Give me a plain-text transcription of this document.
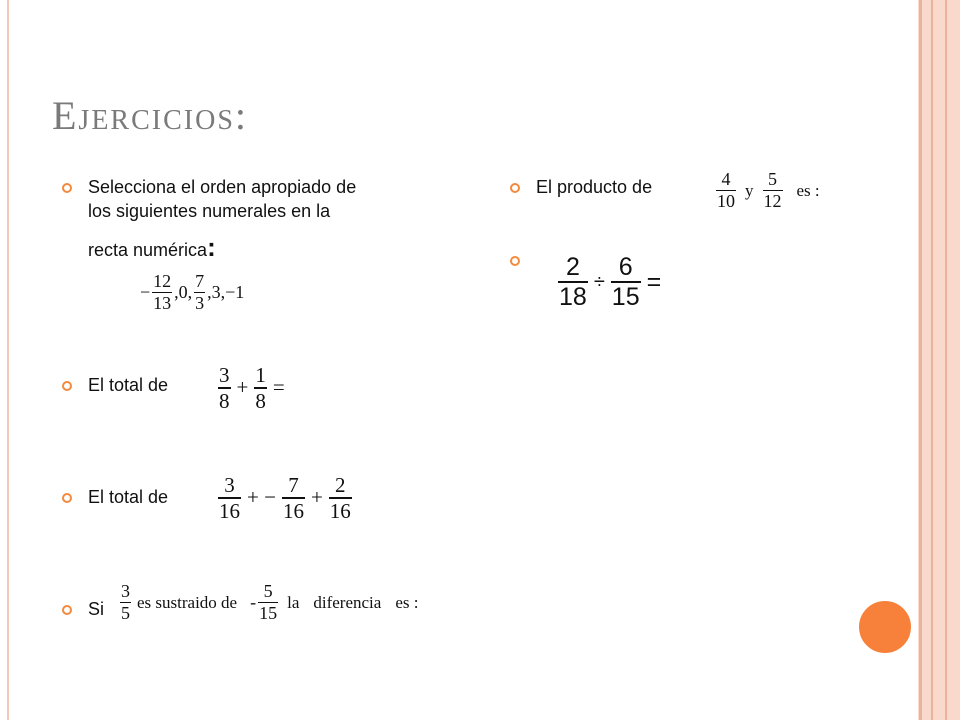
Ejercicios:
Selecciona el orden apropiado de
los siguientes numerales en la
recta numérica:
− $\frac{12}{13} ,0$, $\frac{7}{3} ,3,-1$
El total de $\frac{3}{8} + \frac{1}{8}$ =
El total de $\frac{3}{16}$ + − $\frac{7}{16} + \frac{2}{16}$
Si $\frac{3}{5}$ es sustraido de - $\frac{5}{15}$ la diferencia es :
El producto de	$\frac{4}{10}$ y $\frac{5}{12}$ es :
$\frac{2}{18} \div \frac{6}{15}$ =
